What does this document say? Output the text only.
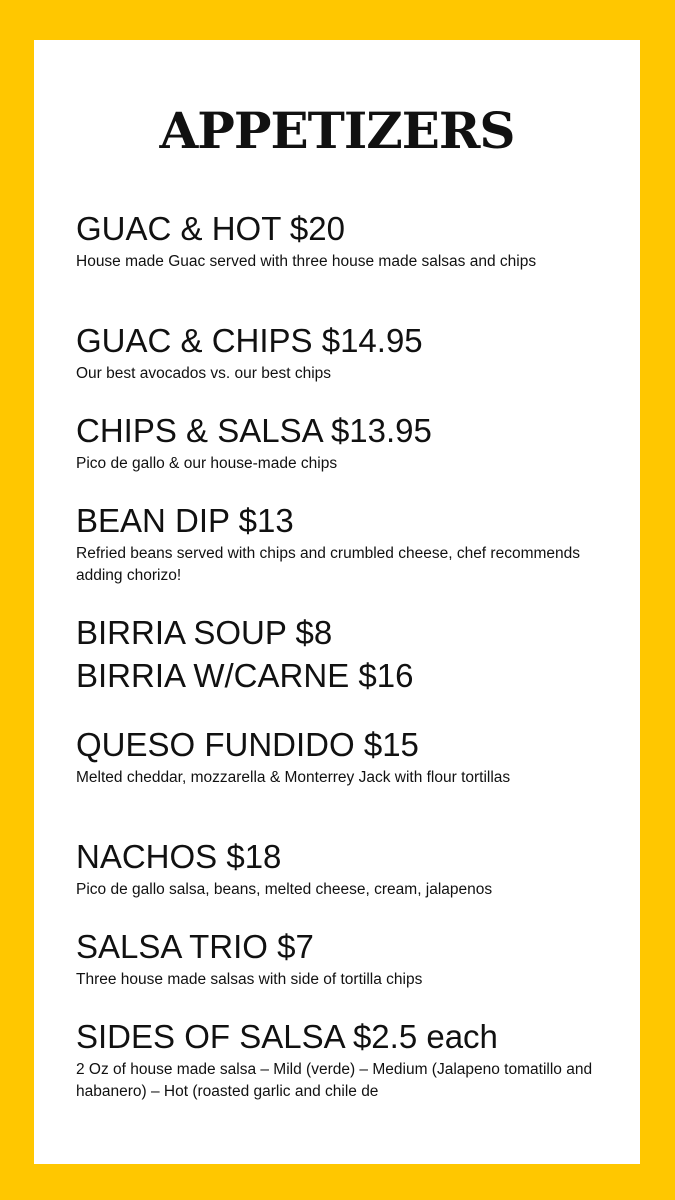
APPETIZERS
GUAC & HOT $20
House made Guac served with three house made salsas and chips
GUAC & CHIPS $14.95
Our best avocados vs. our best chips
CHIPS & SALSA $13.95
Pico de gallo & our house-made chips
BEAN DIP $13
Refried beans served with chips and crumbled cheese, chef recommends adding chorizo!
BIRRIA SOUP $8
BIRRIA W/CARNE $16
QUESO FUNDIDO $15
Melted cheddar, mozzarella & Monterrey Jack with flour tortillas
NACHOS $18
Pico de gallo salsa, beans, melted cheese, cream, jalapenos
SALSA TRIO $7
Three house made salsas with side of tortilla chips
SIDES OF SALSA $2.5 each
2 Oz of house made salsa – Mild (verde) – Medium (Jalapeno tomatillo and habanero) – Hot (roasted garlic and chile de
